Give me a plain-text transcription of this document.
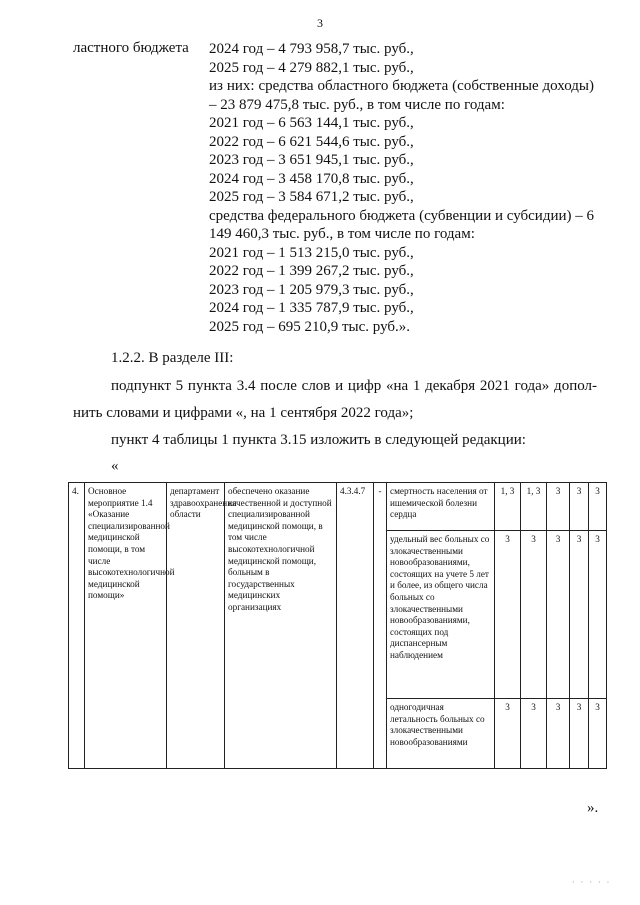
3
ластного бюджета 2024 год – 4 793 958,7 тыс. руб.,
2025 год – 4 279 882,1 тыс. руб.,
из них: средства областного бюджета (собственные доходы) – 23 879 475,8 тыс. руб., в том числе по годам:
2021 год – 6 563 144,1 тыс. руб.,
2022 год – 6 621 544,6 тыс. руб.,
2023 год – 3 651 945,1 тыс. руб.,
2024 год – 3 458 170,8 тыс. руб.,
2025 год – 3 584 671,2 тыс. руб.,
средства федерального бюджета (субвенции и субсидии) – 6 149 460,3 тыс. руб., в том числе по годам:
2021 год – 1 513 215,0 тыс. руб.,
2022 год – 1 399 267,2 тыс. руб.,
2023 год – 1 205 979,3 тыс. руб.,
2024 год – 1 335 787,9 тыс. руб.,
2025 год – 695 210,9 тыс. руб.».
1.2.2. В разделе III:
подпункт 5 пункта 3.4 после слов и цифр «на 1 декабря 2021 года» допол-
нить словами и цифрами «, на 1 сентября 2022 года»;
пункт 4 таблицы 1 пункта 3.15 изложить в следующей редакции:
«
4.	Основное мероприятие 1.4 «Оказание специализированной медицинской помощи, в том числе высокотехнологичной медицинской помощи»	департамент здравоохранения области	обеспечено оказание качественной и доступной специализированной медицинской помощи, в том числе высокотехнологичной медицинской помощи, больным в государственных медицинских организациях	4.3.4.7	-	смертность населения от ишемической болезни сердца	1, 3	1, 3	3	3	3
						удельный вес больных со злокачественными новообразованиями, состоящих на учете 5 лет и более, из общего числа больных со злокачественными новообразованиями, состоящих под диспансерным наблюдением	3	3	3	3	3
						одногодичная летальность больных со злокачественными новообразованиями	3	3	3	3	3
».
· · · · ·
